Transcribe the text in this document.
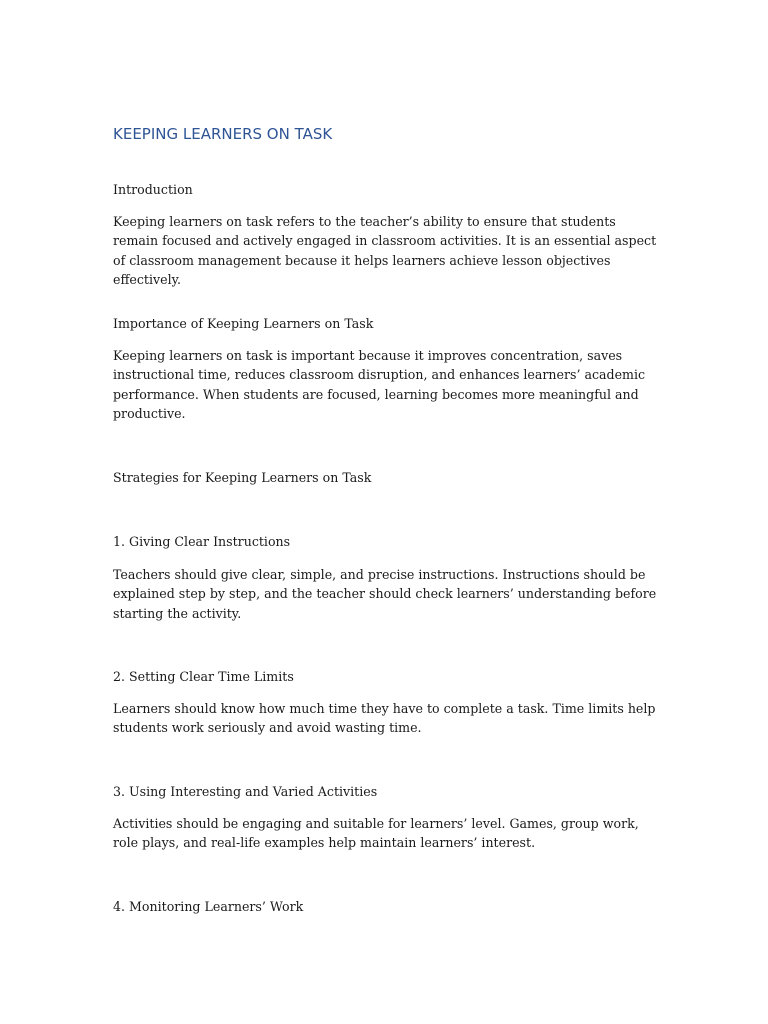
KEEPING LEARNERS ON TASK

Introduction

Keeping learners on task refers to the teacher’s ability to ensure that students remain focused and actively engaged in classroom activities. It is an essential aspect of classroom management because it helps learners achieve lesson objectives effectively.

Importance of Keeping Learners on Task

Keeping learners on task is important because it improves concentration, saves instructional time, reduces classroom disruption, and enhances learners’ academic performance. When students are focused, learning becomes more meaningful and productive.

Strategies for Keeping Learners on Task

1. Giving Clear Instructions

Teachers should give clear, simple, and precise instructions. Instructions should be explained step by step, and the teacher should check learners’ understanding before starting the activity.

2. Setting Clear Time Limits

Learners should know how much time they have to complete a task. Time limits help students work seriously and avoid wasting time.

3. Using Interesting and Varied Activities

Activities should be engaging and suitable for learners’ level. Games, group work, role plays, and real-life examples help maintain learners’ interest.

4. Monitoring Learners’ Work
